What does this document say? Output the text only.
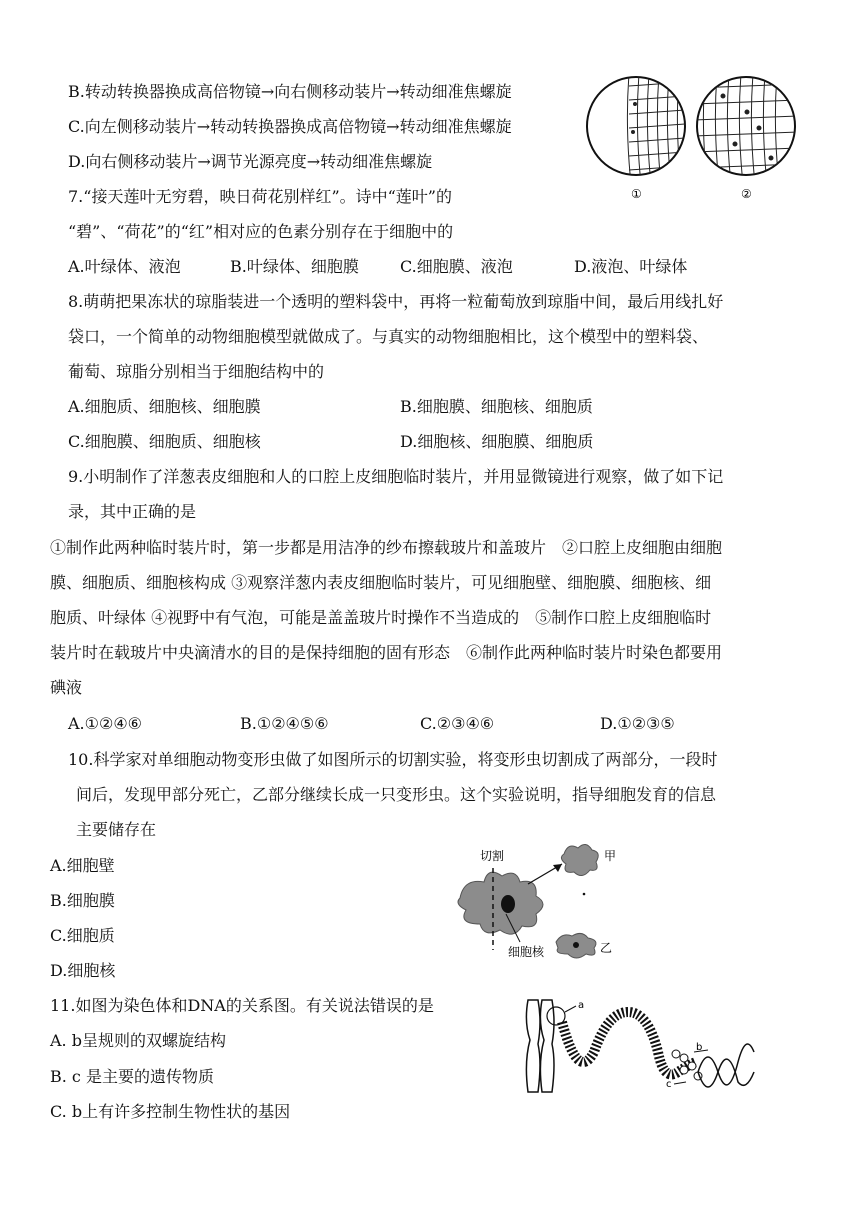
B.转动转换器换成高倍物镜→向右侧移动装片→转动细准焦螺旋
C.向左侧移动装片→转动转换器换成高倍物镜→转动细准焦螺旋
D.向右侧移动装片→调节光源亮度→转动细准焦螺旋
①	②
7.“接天莲叶无穷碧，映日荷花别样红”。诗中“莲叶”的
“碧”、“荷花”的“红”相对应的色素分别存在于细胞中的
A.叶绿体、液泡	B.叶绿体、细胞膜	C.细胞膜、液泡	D.液泡、叶绿体
8.萌萌把果冻状的琼脂装进一个透明的塑料袋中，再将一粒葡萄放到琼脂中间，最后用线扎好
袋口，一个简单的动物细胞模型就做成了。与真实的动物细胞相比，这个模型中的塑料袋、
葡萄、琼脂分别相当于细胞结构中的
A.细胞质、细胞核、细胞膜	B.细胞膜、细胞核、细胞质
C.细胞膜、细胞质、细胞核	D.细胞核、细胞膜、细胞质
9.小明制作了洋葱表皮细胞和人的口腔上皮细胞临时装片，并用显微镜进行观察，做了如下记
录，其中正确的是
①制作此两种临时装片时，第一步都是用洁净的纱布擦载玻片和盖玻片　②口腔上皮细胞由细胞
膜、细胞质、细胞核构成 ③观察洋葱内表皮细胞临时装片，可见细胞壁、细胞膜、细胞核、细
胞质、叶绿体 ④视野中有气泡，可能是盖盖玻片时操作不当造成的　⑤制作口腔上皮细胞临时
装片时在载玻片中央滴清水的目的是保持细胞的固有形态　⑥制作此两种临时装片时染色都要用
碘液
A.①②④⑥	B.①②④⑤⑥	C.②③④⑥	D.①②③⑤
10.科学家对单细胞动物变形虫做了如图所示的切割实验，将变形虫切割成了两部分，一段时
间后，发现甲部分死亡，乙部分继续长成一只变形虫。这个实验说明，指导细胞发育的信息
主要储存在
A.细胞壁
B.细胞膜
C.细胞质
D.细胞核
切割	甲
细胞核	乙
11.如图为染色体和DNA的关系图。有关说法错误的是
A. b呈规则的双螺旋结构
B. c 是主要的遗传物质
C. b上有许多控制生物性状的基因
a
b
c
